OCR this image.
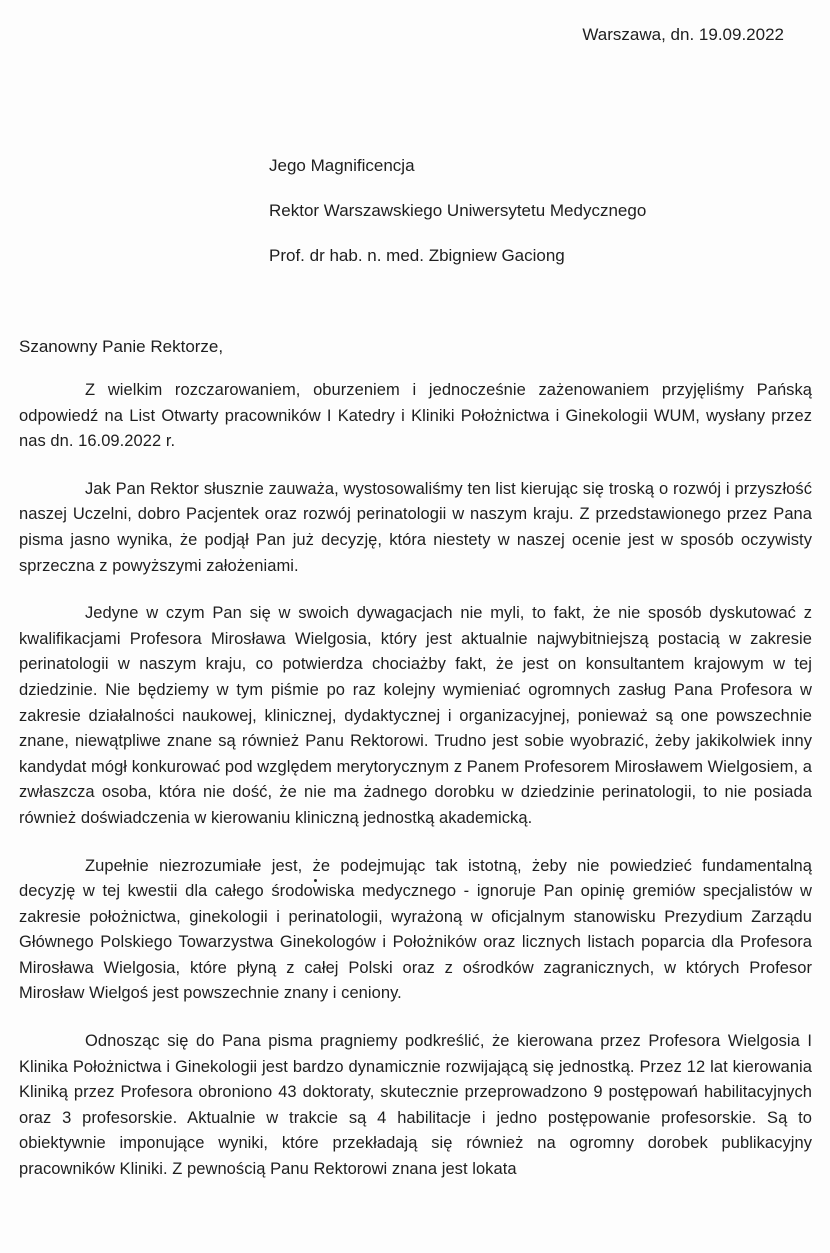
Warszawa, dn. 19.09.2022

Jego Magnificencja

Rektor Warszawskiego Uniwersytetu Medycznego

Prof. dr hab. n. med. Zbigniew Gaciong

Szanowny Panie Rektorze,

Z wielkim rozczarowaniem, oburzeniem i jednocześnie zażenowaniem przyjęliśmy Pańską odpowiedź na List Otwarty pracowników I Katedry i Kliniki Położnictwa i Ginekologii WUM, wysłany przez nas dn. 16.09.2022 r.

Jak Pan Rektor słusznie zauważa, wystosowaliśmy ten list kierując się troską o rozwój i przyszłość naszej Uczelni, dobro Pacjentek oraz rozwój perinatologii w naszym kraju. Z przedstawionego przez Pana pisma jasno wynika, że podjął Pan już decyzję, która niestety w naszej ocenie jest w sposób oczywisty sprzeczna z powyższymi założeniami.

Jedyne w czym Pan się w swoich dywagacjach nie myli, to fakt, że nie sposób dyskutować z kwalifikacjami Profesora Mirosława Wielgosia, który jest aktualnie najwybitniejszą postacią w zakresie perinatologii w naszym kraju, co potwierdza chociażby fakt, że jest on konsultantem krajowym w tej dziedzinie. Nie będziemy w tym piśmie po raz kolejny wymieniać ogromnych zasług Pana Profesora w zakresie działalności naukowej, klinicznej, dydaktycznej i organizacyjnej, ponieważ są one powszechnie znane, niewątpliwe znane są również Panu Rektorowi. Trudno jest sobie wyobrazić, żeby jakikolwiek inny kandydat mógł konkurować pod względem merytorycznym z Panem Profesorem Mirosławem Wielgosiem, a zwłaszcza osoba, która nie dość, że nie ma żadnego dorobku w dziedzinie perinatologii, to nie posiada również doświadczenia w kierowaniu kliniczną jednostką akademicką.

Zupełnie niezrozumiałe jest, że podejmując tak istotną, żeby nie powiedzieć fundamentalną decyzję w tej kwestii dla całego środowiska medycznego - ignoruje Pan opinię gremiów specjalistów w zakresie położnictwa, ginekologii i perinatologii, wyrażoną w oficjalnym stanowisku Prezydium Zarządu Głównego Polskiego Towarzystwa Ginekologów i Położników oraz licznych listach poparcia dla Profesora Mirosława Wielgosia, które płyną z całej Polski oraz z ośrodków zagranicznych, w których Profesor Mirosław Wielgoś jest powszechnie znany i ceniony.

Odnosząc się do Pana pisma pragniemy podkreślić, że kierowana przez Profesora Wielgosia I Klinika Położnictwa i Ginekologii jest bardzo dynamicznie rozwijającą się jednostką. Przez 12 lat kierowania Kliniką przez Profesora obroniono 43 doktoraty, skutecznie przeprowadzono 9 postępowań habilitacyjnych oraz 3 profesorskie. Aktualnie w trakcie są 4 habilitacje i jedno postępowanie profesorskie. Są to obiektywnie imponujące wyniki, które przekładają się również na ogromny dorobek publikacyjny pracowników Kliniki. Z pewnością Panu Rektorowi znana jest lokata
